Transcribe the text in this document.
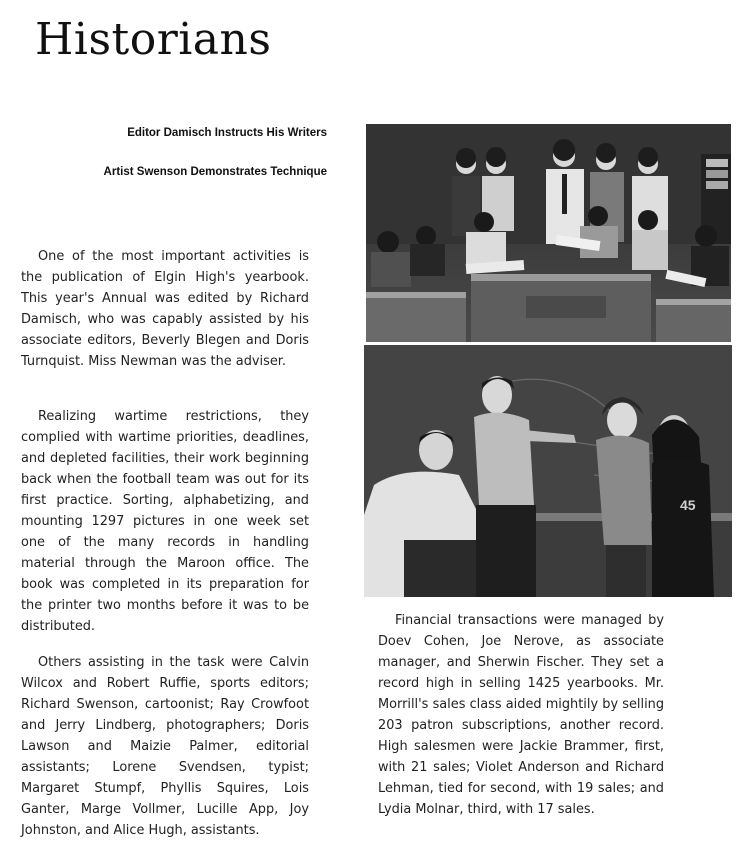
Historians

Editor Damisch Instructs His Writers

Artist Swenson Demonstrates Technique

One of the most important activities is the publication of Elgin High's yearbook. This year's Annual was edited by Richard Damisch, who was capably assisted by his associate editors, Beverly Blegen and Doris Turnquist. Miss Newman was the adviser.

Realizing wartime restrictions, they complied with wartime priorities, deadlines, and depleted facilities, their work beginning back when the football team was out for its first practice. Sorting, alphabetizing, and mounting 1297 pictures in one week set one of the many records in handling material through the Maroon office. The book was completed in its preparation for the printer two months before it was to be distributed.

Others assisting in the task were Calvin Wilcox and Robert Ruffie, sports editors; Richard Swenson, cartoonist; Ray Crowfoot and Jerry Lindberg, photographers; Doris Lawson and Maizie Palmer, editorial assistants; Lorene Svendsen, typist; Margaret Stumpf, Phyllis Squires, Lois Ganter, Marge Vollmer, Lucille App, Joy Johnston, and Alice Hugh, assistants.

Financial transactions were managed by Doev Cohen, Joe Nerove, as associate manager, and Sherwin Fischer. They set a record high in selling 1425 yearbooks. Mr. Morrill's sales class aided mightily by selling 203 patron subscriptions, another record. High salesmen were Jackie Brammer, first, with 21 sales; Violet Anderson and Richard Lehman, tied for second, with 19 sales; and Lydia Molnar, third, with 17 sales.

45
